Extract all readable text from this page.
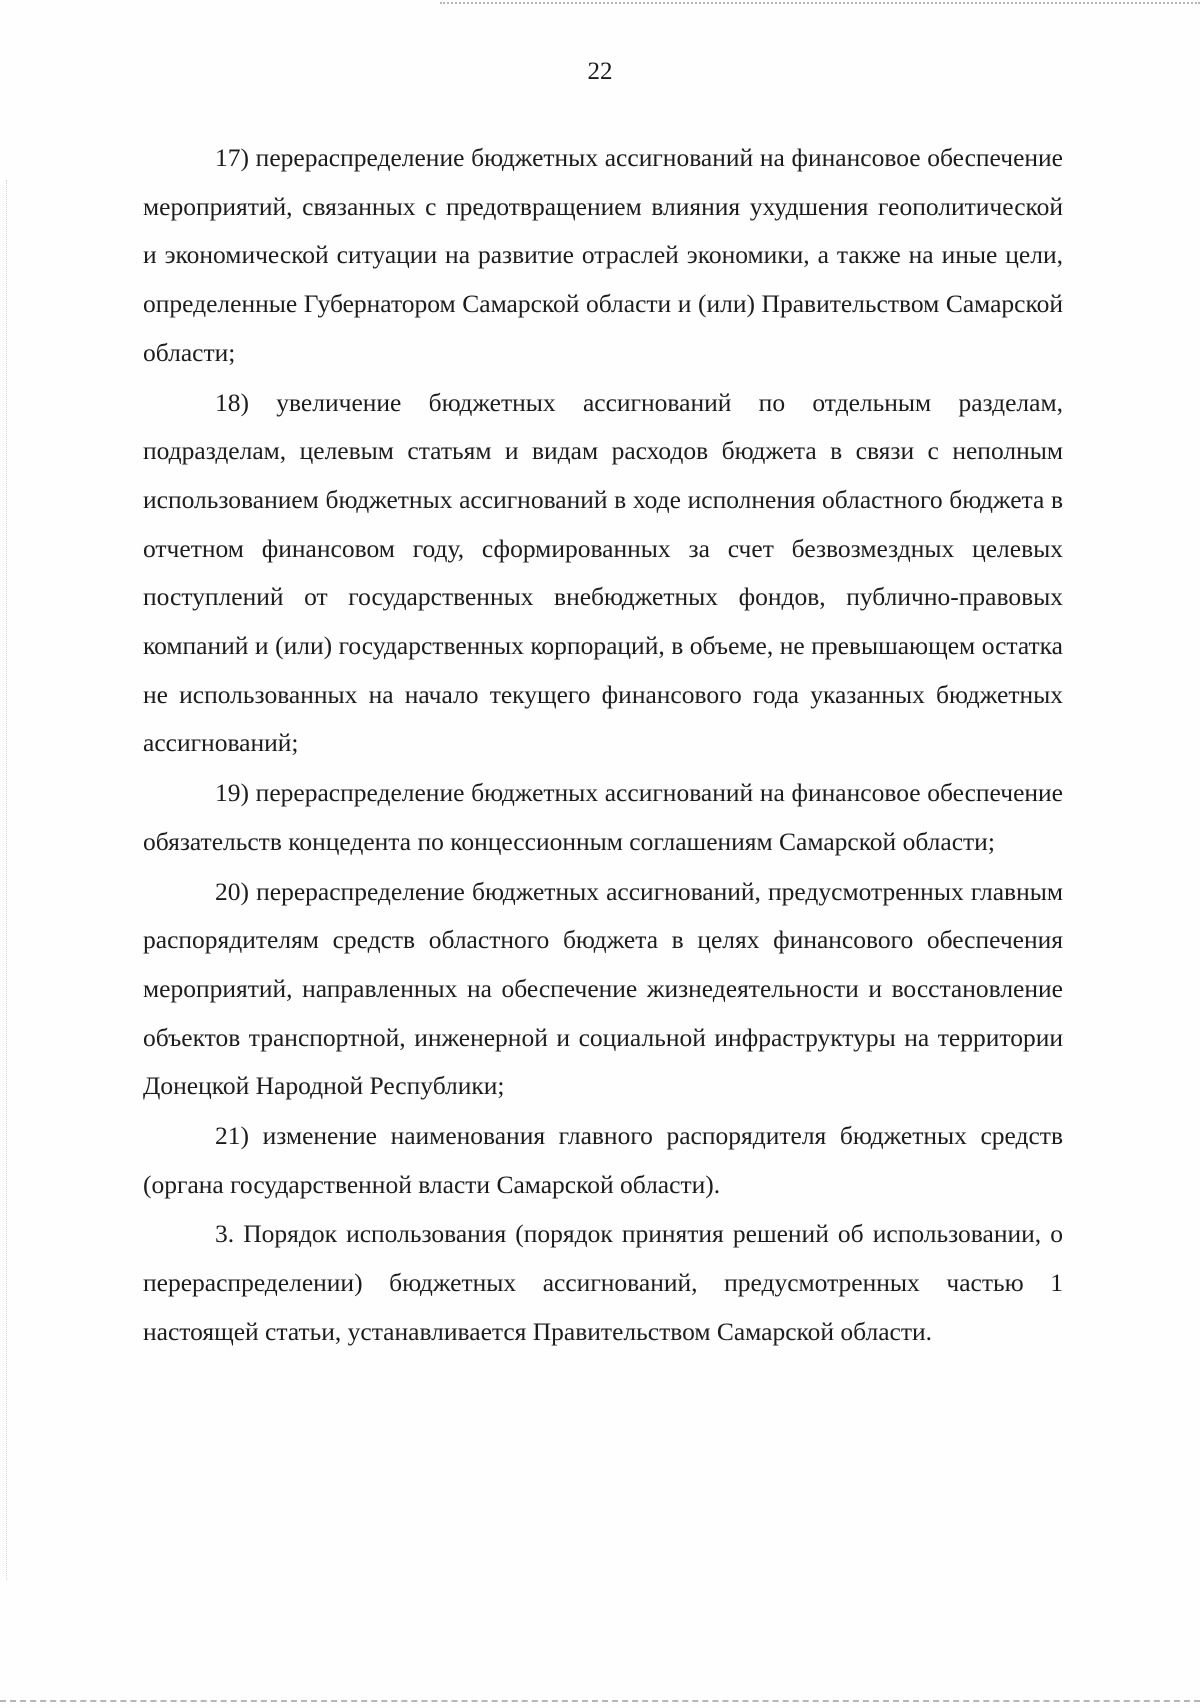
22

17) перераспределение бюджетных ассигнований на финансовое обеспечение мероприятий, связанных с предотвращением влияния ухудшения геополитической и экономической ситуации на развитие отраслей экономики, а также на иные цели, определенные Губернатором Самарской области и (или) Правительством Самарской области;

18) увеличение бюджетных ассигнований по отдельным разделам, подразделам, целевым статьям и видам расходов бюджета в связи с неполным использованием бюджетных ассигнований в ходе исполнения областного бюджета в отчетном финансовом году, сформированных за счет безвозмездных целевых поступлений от государственных внебюджетных фондов, публично-правовых компаний и (или) государственных корпораций, в объеме, не превышающем остатка не использованных на начало текущего финансового года указанных бюджетных ассигнований;

19) перераспределение бюджетных ассигнований на финансовое обеспечение обязательств концедента по концессионным соглашениям Самарской области;

20) перераспределение бюджетных ассигнований, предусмотренных главным распорядителям средств областного бюджета в целях финансового обеспечения мероприятий, направленных на обеспечение жизнедеятельности и восстановление объектов транспортной, инженерной и социальной инфраструктуры на территории Донецкой Народной Республики;

21) изменение наименования главного распорядителя бюджетных средств (органа государственной власти Самарской области).

3. Порядок использования (порядок принятия решений об использовании, о перераспределении) бюджетных ассигнований, предусмотренных частью 1 настоящей статьи, устанавливается Правительством Самарской области.
